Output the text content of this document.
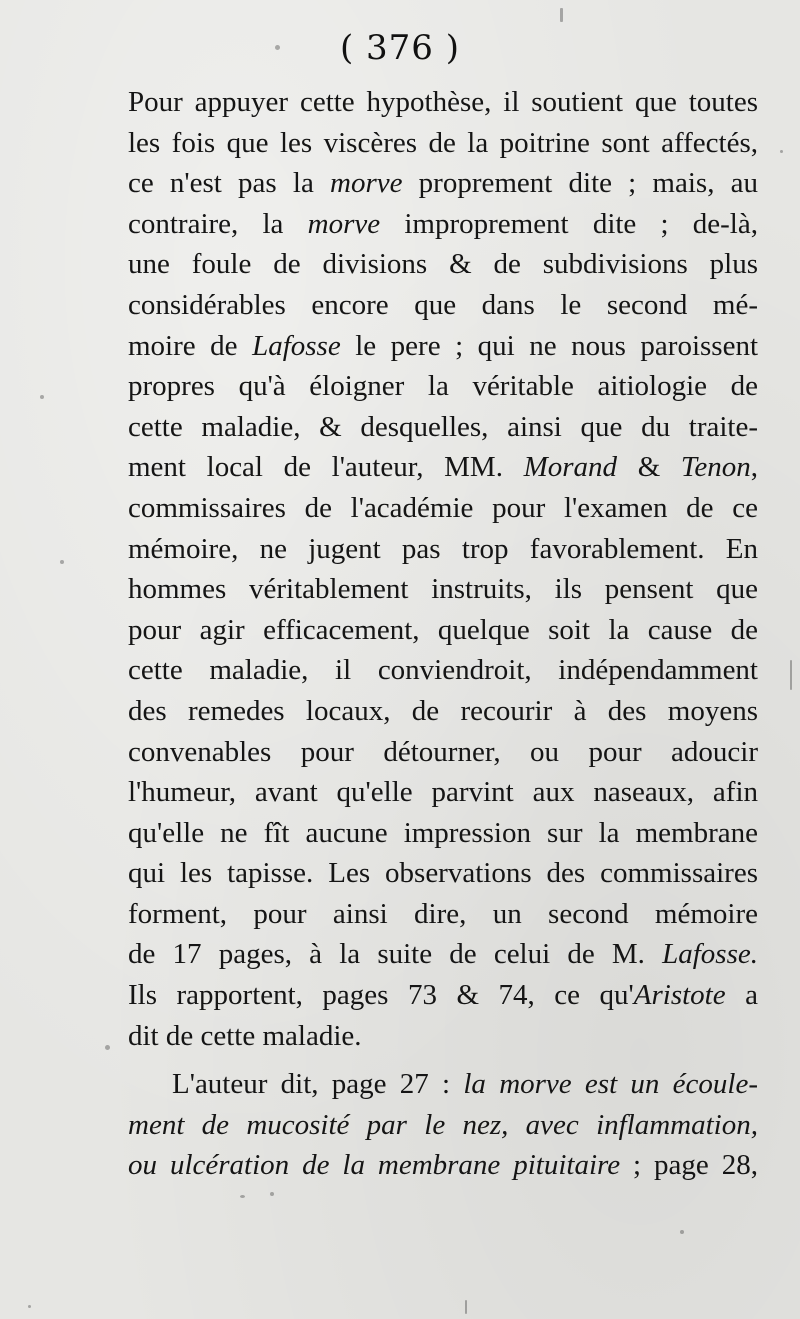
( 376 )
Pour appuyer cette hypothèse, il soutient que toutes
les fois que les viscères de la poitrine sont affectés,
ce n'est pas la morve proprement dite ; mais, au
contraire, la morve improprement dite ; de-là,
une foule de divisions & de subdivisions plus
considérables encore que dans le second mé-
moire de Lafosse le pere ; qui ne nous paroissent
propres qu'à éloigner la véritable aitiologie de
cette maladie, & desquelles, ainsi que du traite-
ment local de l'auteur, MM. Morand & Tenon,
commissaires de l'académie pour l'examen de ce
mémoire, ne jugent pas trop favorablement. En
hommes véritablement instruits, ils pensent que
pour agir efficacement, quelque soit la cause de
cette maladie, il conviendroit, indépendamment
des remedes locaux, de recourir à des moyens
convenables pour détourner, ou pour adoucir
l'humeur, avant qu'elle parvint aux naseaux, afin
qu'elle ne fît aucune impression sur la membrane
qui les tapisse. Les observations des commissaires
forment, pour ainsi dire, un second mémoire
de 17 pages, à la suite de celui de M. Lafosse.
Ils rapportent, pages 73 & 74, ce qu'Aristote a
dit de cette maladie.
L'auteur dit, page 27 : la morve est un écoule-
ment de mucosité par le nez, avec inflammation,
ou ulcération de la membrane pituitaire ; page 28,
